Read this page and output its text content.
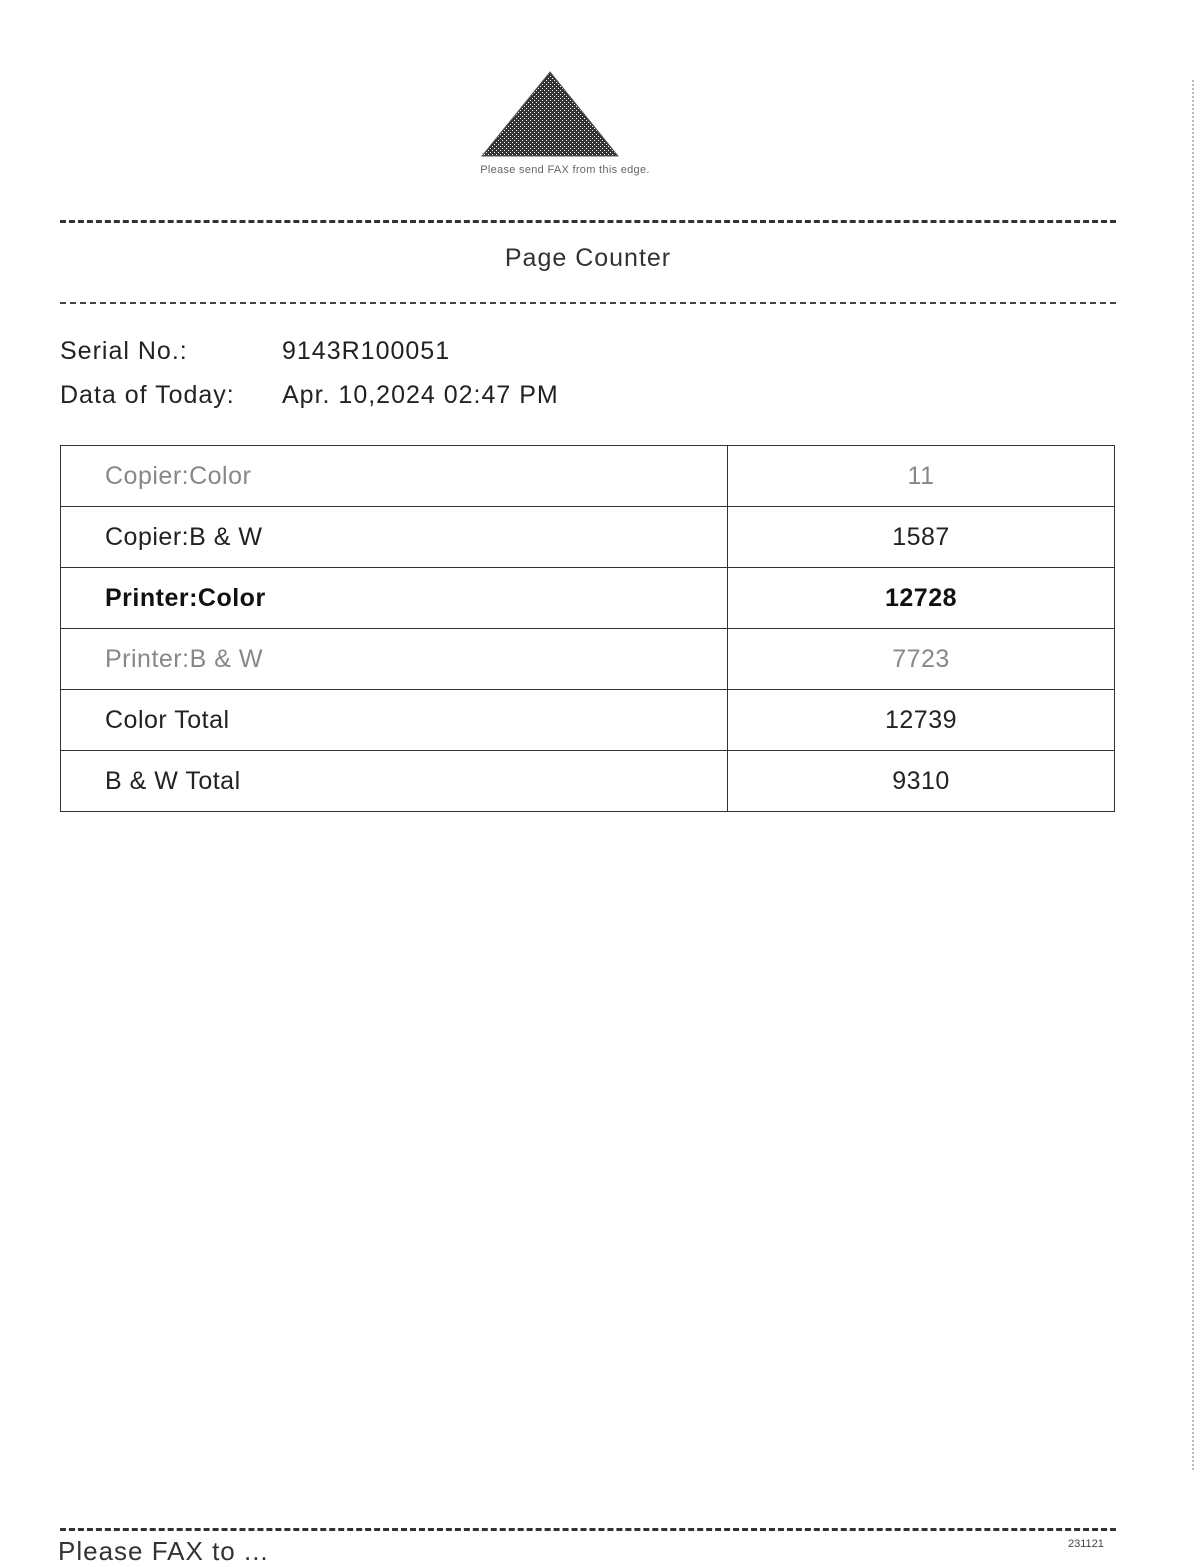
Please send FAX from this edge.
Page Counter
Serial No.:	9143R100051
Data of Today: Apr. 10,2024 02:47 PM
Copier:Color	11
Copier:B & W	1587
Printer:Color	12728
Printer:B & W	7723
Color Total	12739
B & W Total	9310
Please FAX to ...	231121
